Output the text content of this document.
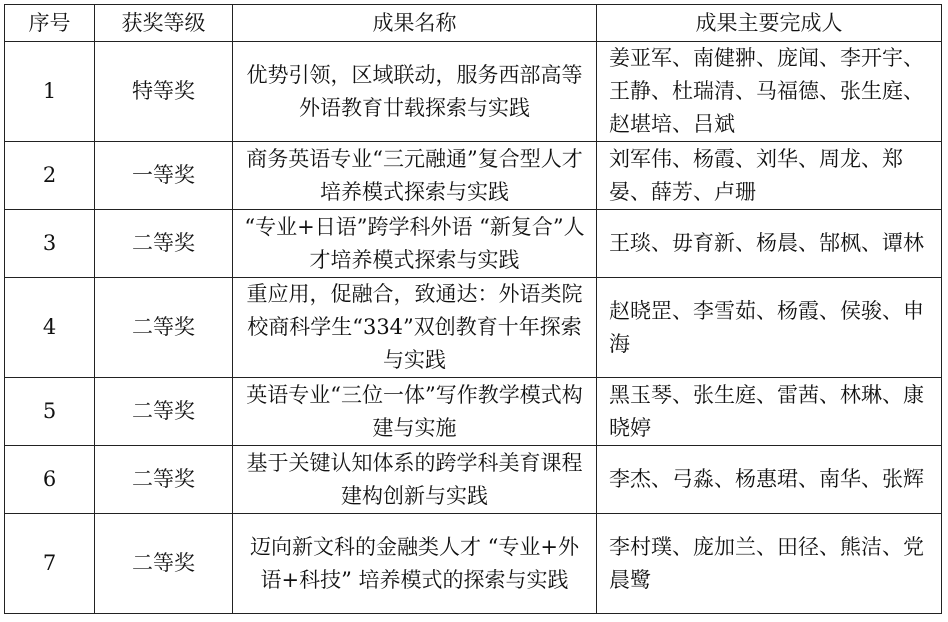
序号	获奖等级	成果名称	成果主要完成人
1	特等奖	优势引领，区域联动，服务西部高等外语教育廿载探索与实践	姜亚军、南健翀、庞闻、李开宇、王静、杜瑞清、马福德、张生庭、赵堪培、吕斌
2	一等奖	商务英语专业“三元融通”复合型人才培养模式探索与实践	刘军伟、杨霞、刘华、周龙、郑晏、薛芳、卢珊
3	二等奖	“专业+日语”跨学科外语 “新复合”人才培养模式探索与实践	王琰、毋育新、杨晨、郜枫、谭林
4	二等奖	重应用，促融合，致通达：外语类院校商科学生“334”双创教育十年探索与实践	赵晓罡、李雪茹、杨霞、侯骏、申海
5	二等奖	英语专业“三位一体”写作教学模式构建与实施	黑玉琴、张生庭、雷茜、林琳、康晓婷
6	二等奖	基于关键认知体系的跨学科美育课程建构创新与实践	李杰、弓淼、杨惠珺、南华、张辉
7	二等奖	迈向新文科的金融类人才 “专业+外语+科技” 培养模式的探索与实践	李村璞、庞加兰、田径、熊洁、党晨鹭
